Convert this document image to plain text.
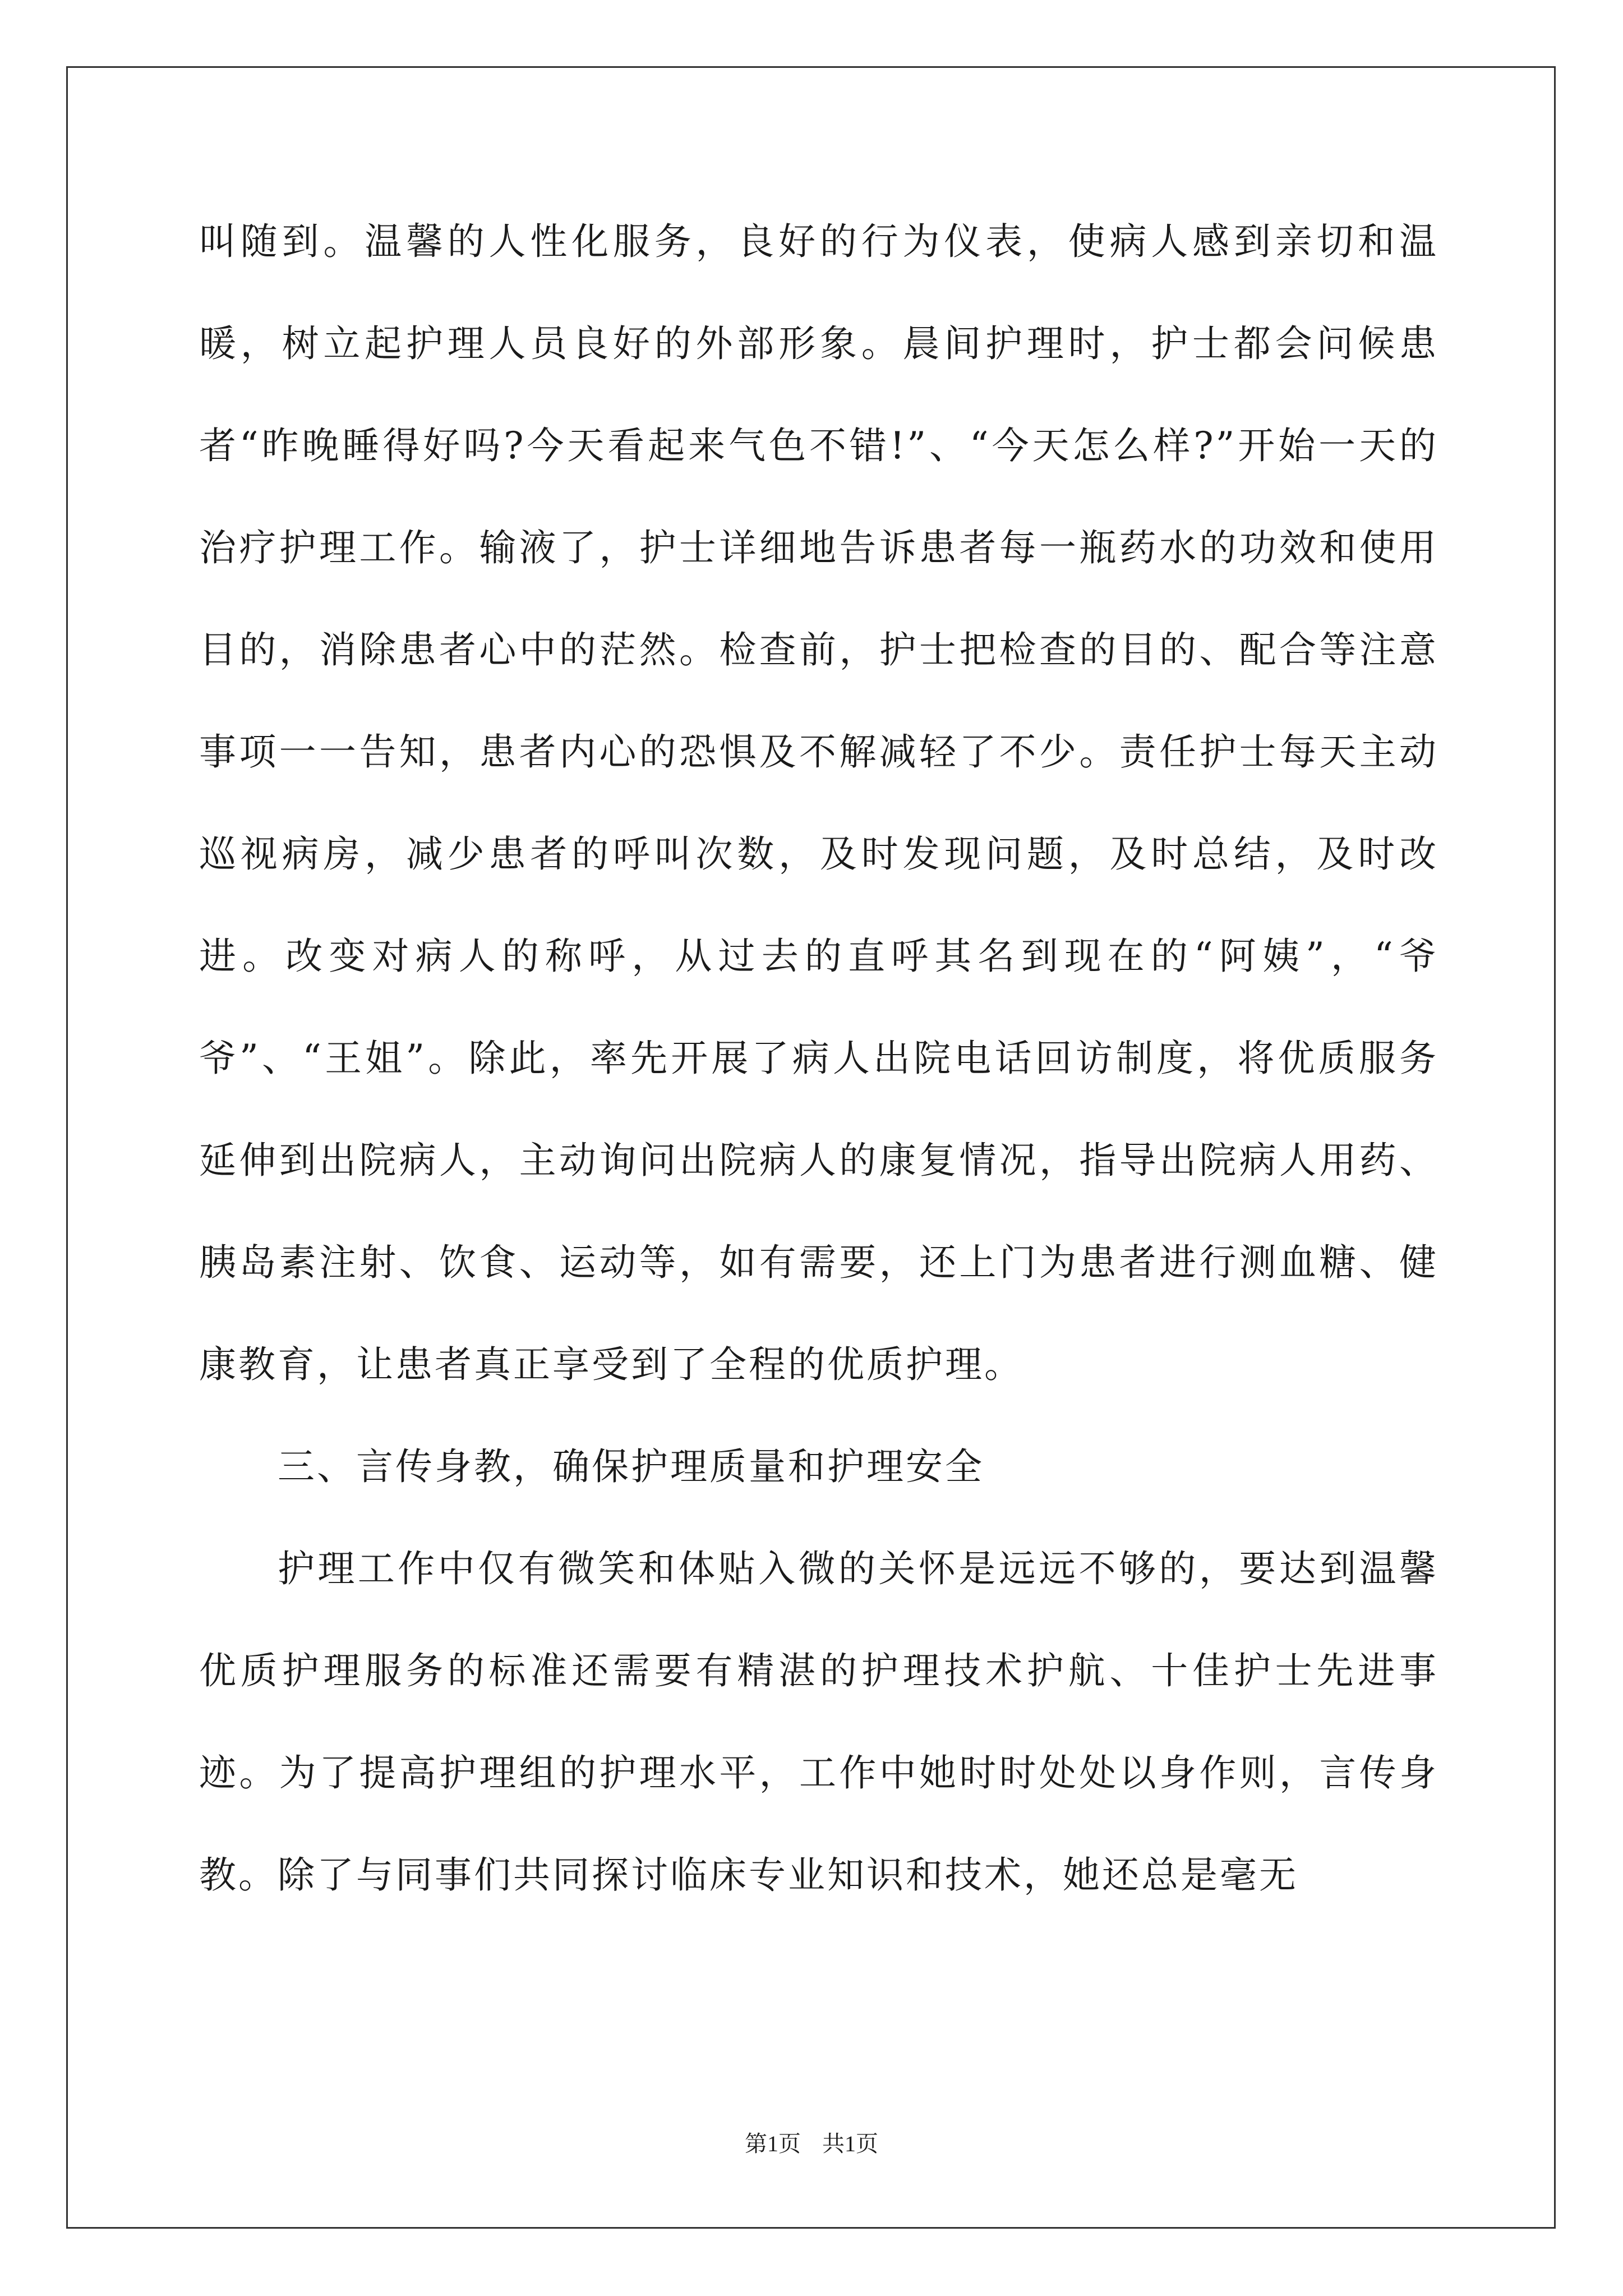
叫随到。温馨的人性化服务，良好的行为仪表，使病人感到亲切和温暖，树立起护理人员良好的外部形象。晨间护理时，护士都会问候患者“昨晚睡得好吗?今天看起来气色不错!”、“今天怎么样?”开始一天的治疗护理工作。输液了，护士详细地告诉患者每一瓶药水的功效和使用目的，消除患者心中的茫然。检查前，护士把检查的目的、配合等注意事项一一告知，患者内心的恐惧及不解减轻了不少。责任护士每天主动巡视病房，减少患者的呼叫次数，及时发现问题，及时总结，及时改进。改变对病人的称呼，从过去的直呼其名到现在的“阿姨”，“爷爷”、“王姐”。除此，率先开展了病人出院电话回访制度，将优质服务延伸到出院病人，主动询问出院病人的康复情况，指导出院病人用药、胰岛素注射、饮食、运动等，如有需要，还上门为患者进行测血糖、健康教育，让患者真正享受到了全程的优质护理。

三、言传身教，确保护理质量和护理安全

护理工作中仅有微笑和体贴入微的关怀是远远不够的，要达到温馨优质护理服务的标准还需要有精湛的护理技术护航、十佳护士先进事迹。为了提高护理组的护理水平，工作中她时时处处以身作则，言传身教。除了与同事们共同探讨临床专业知识和技术，她还总是毫无

第1页 共1页
